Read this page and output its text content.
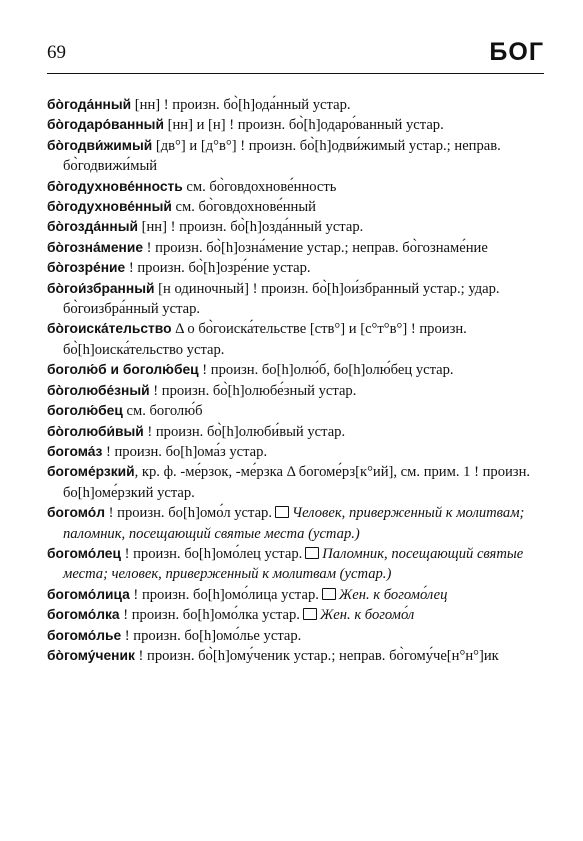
69	БОГ

бо̀года́нный [нн] ! произн. бо̀[h]ода́нный устар.

бо̀годаро́ванный [нн] и [н] ! произн. бо̀[h]одаро́ванный устар.

бо̀годви́жимый [дв°] и [д°в°] ! произн. бо̀[h]одви́жимый устар.; неправ. бо̀годвижи́мый

бо̀годухнове́нность см. бо̀говдохнове́нность

бо̀годухнове́нный см. бо̀говдохнове́нный

бо̀гозда́нный [нн] ! произн. бо̀[h]озда́нный устар.

бо̀гозна́мение ! произн. бо̀[h]озна́мение устар.; неправ. бо̀гознаме́ние

бо̀гозре́ние ! произн. бо̀[h]озре́ние устар.

бо̀гои́збранный [н одиночный] ! произн. бо̀[h]ои́збранный устар.; удар. бо̀гоизбра́нный устар.

бо̀гоиска́тельство Δ о бо̀гоиска́тельстве [ств°] и [с°т°в°] ! произн. бо̀[h]оиска́тельство устар.

боголю́б и боголю́бец ! произн. бо[h]олю́б, бо[h]олю́бец устар.

бо̀голюбе́зный ! произн. бо̀[h]олюбе́зный устар.

боголю́бец см. боголю́б

бо̀голюби́вый ! произн. бо̀[h]олюби́вый устар.

богома́з ! произн. бо[h]ома́з устар.

богоме́рзкий, кр. ф. -ме́рзок, -ме́рзка Δ богоме́рз[к°ий], см. прим. 1 ! произн. бо[h]оме́рзкий устар.

богомо́л ! произн. бо[h]омо́л устар. Человек, приверженный к молитвам; паломник, посещающий святые места (устар.)

богомо́лец ! произн. бо[h]омо́лец устар. Паломник, посещающий святые места; человек, приверженный к молитвам (устар.)

богомо́лица ! произн. бо[h]омо́лица устар. Жен. к богомо́лец

богомо́лка ! произн. бо[h]омо́лка устар. Жен. к богомо́л

богомо́лье ! произн. бо[h]омо́лье устар.

бо̀гому́ченик ! произн. бо̀[h]ому́ченик устар.; неправ. бо̀гому́че[н°н°]ик
